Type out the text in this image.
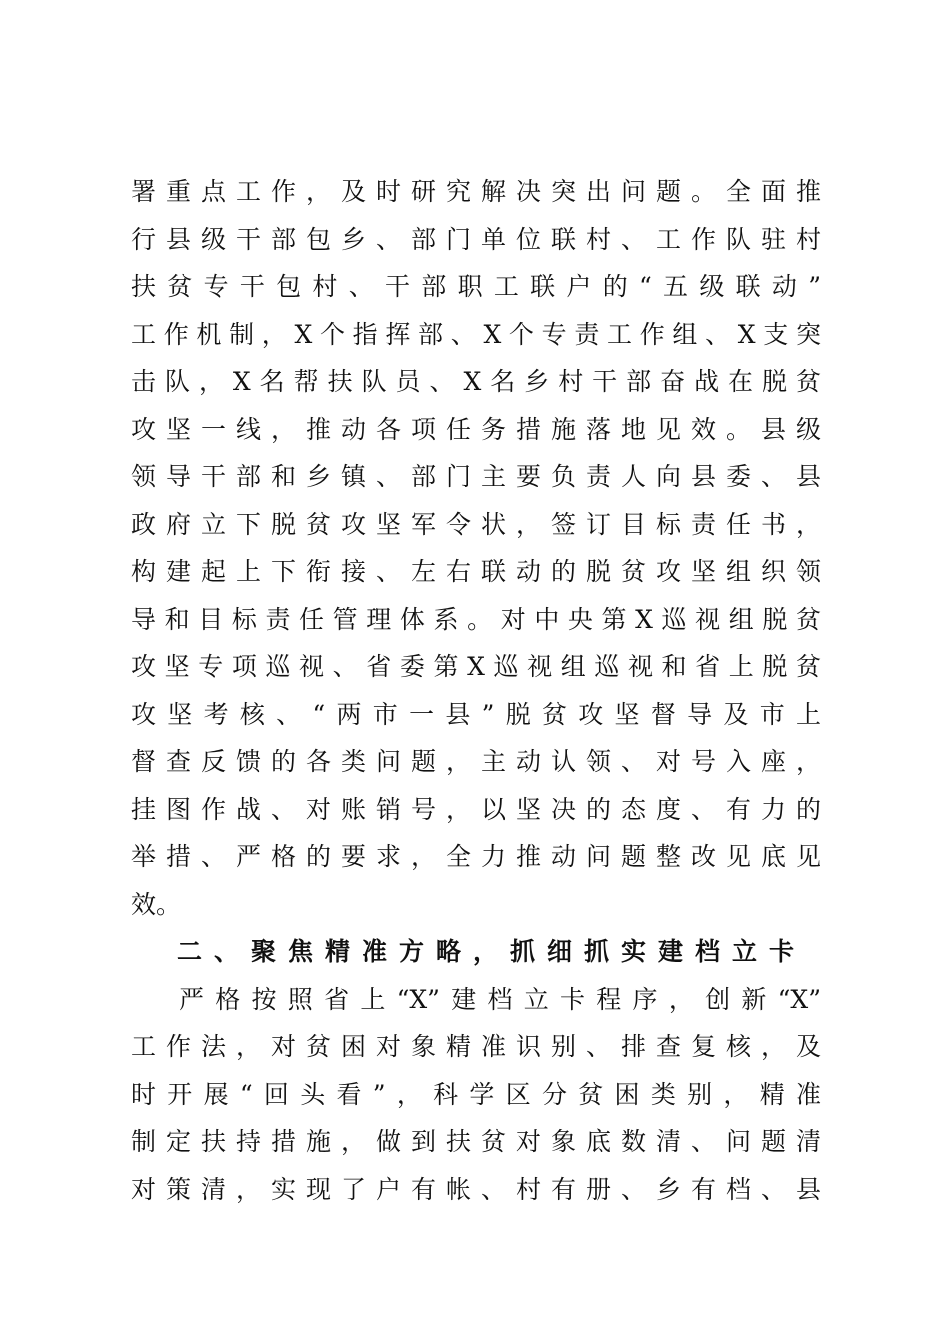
署重点工作，及时研究解决突出问题。全面推
行县级干部包乡、部门单位联村、工作队驻村
扶贫专干包村、干部职工联户的“五级联动”
工作机制，X个指挥部、X个专责工作组、X支突
击队，X名帮扶队员、X名乡村干部奋战在脱贫
攻坚一线，推动各项任务措施落地见效。县级
领导干部和乡镇、部门主要负责人向县委、县
政府立下脱贫攻坚军令状，签订目标责任书，
构建起上下衔接、左右联动的脱贫攻坚组织领
导和目标责任管理体系。对中央第X巡视组脱贫
攻坚专项巡视、省委第X巡视组巡视和省上脱贫
攻坚考核、“两市一县”脱贫攻坚督导及市上
督查反馈的各类问题，主动认领、对号入座，
挂图作战、对账销号，以坚决的态度、有力的
举措、严格的要求，全力推动问题整改见底见
效。
二、聚焦精准方略，抓细抓实建档立卡
严格按照省上“X”建档立卡程序，创新“X”
工作法，对贫困对象精准识别、排查复核，及
时开展“回头看”，科学区分贫困类别，精准
制定扶持措施，做到扶贫对象底数清、问题清
对策清，实现了户有帐、村有册、乡有档、县
